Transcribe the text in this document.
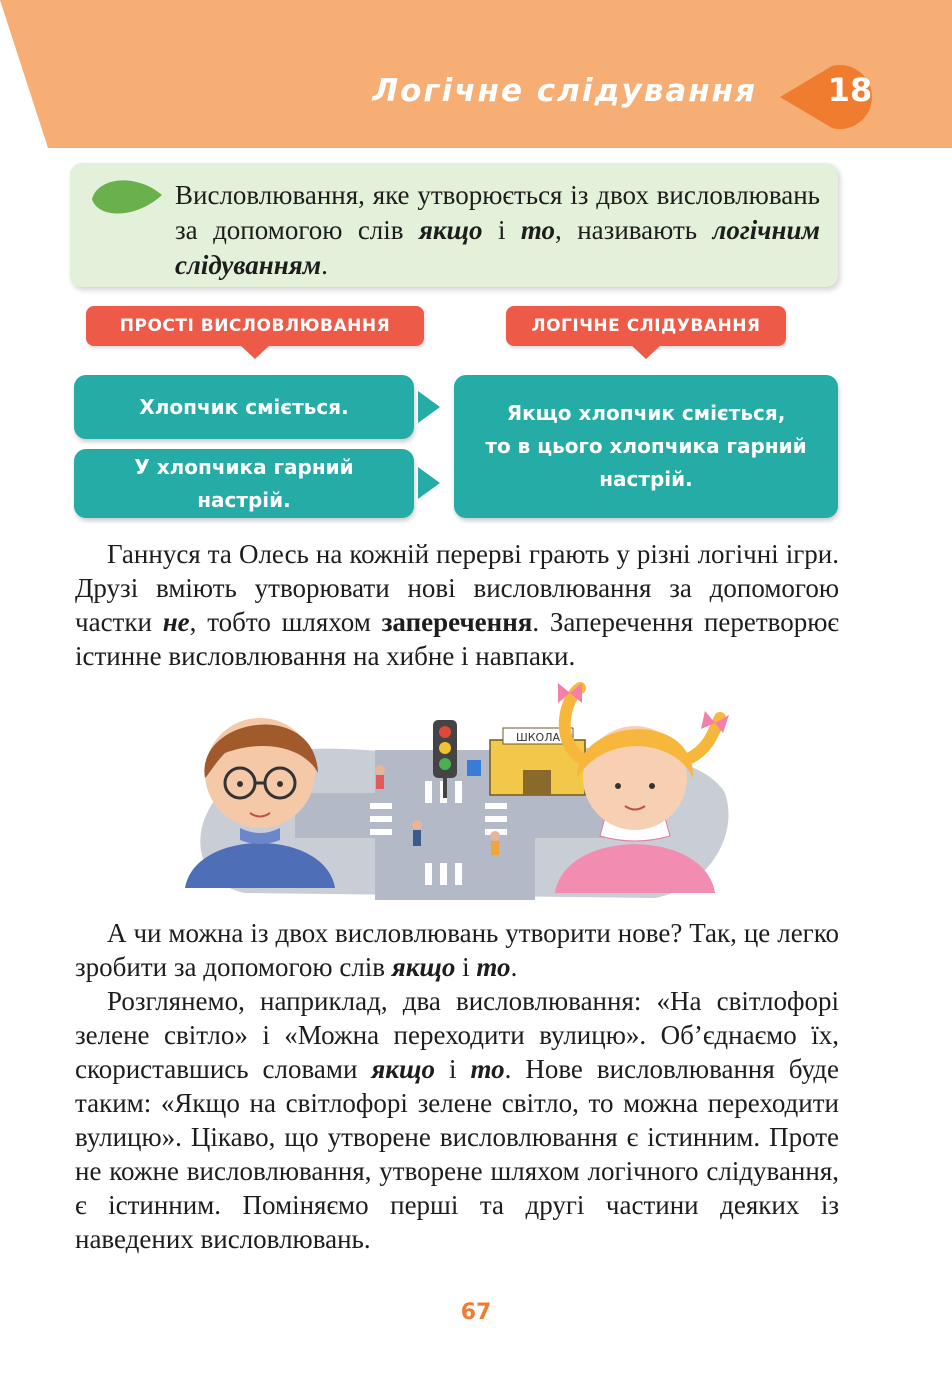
Логічне слідування 18
Висловлювання, яке утворюється із двох висловлювань за допомогою слів якщо і то, називають логічним слідуванням.
ПРОСТІ ВИСЛОВЛЮВАННЯ	ЛОГІЧНЕ СЛІДУВАННЯ
Хлопчик сміється.
У хлопчика гарний
настрій.
Якщо хлопчик сміється,
то в цього хлопчика гарний
настрій.
Ганнуся та Олесь на кожній перерві грають у різні логічні ігри. Друзі вміють утворювати нові висловлювання за допомогою частки не, тобто шляхом заперечення. Заперечення перетворює істинне висловлювання на хибне і навпаки.
ШКОЛА
А чи можна із двох висловлювань утворити нове? Так, це легко зробити за допомогою слів якщо і то.
Розглянемо, наприклад, два висловлювання: «На світлофорі зелене світло» і «Можна переходити вулицю». Об’єднаємо їх, скориставшись словами якщо і то. Нове висловлювання буде таким: «Якщо на світлофорі зелене світло, то можна переходити вулицю». Цікаво, що утворене висловлювання є істинним. Проте не кожне висловлювання, утворене шляхом логічного слідування, є істинним. Поміняємо перші та другі частини деяких із наведених висловлювань.
67
